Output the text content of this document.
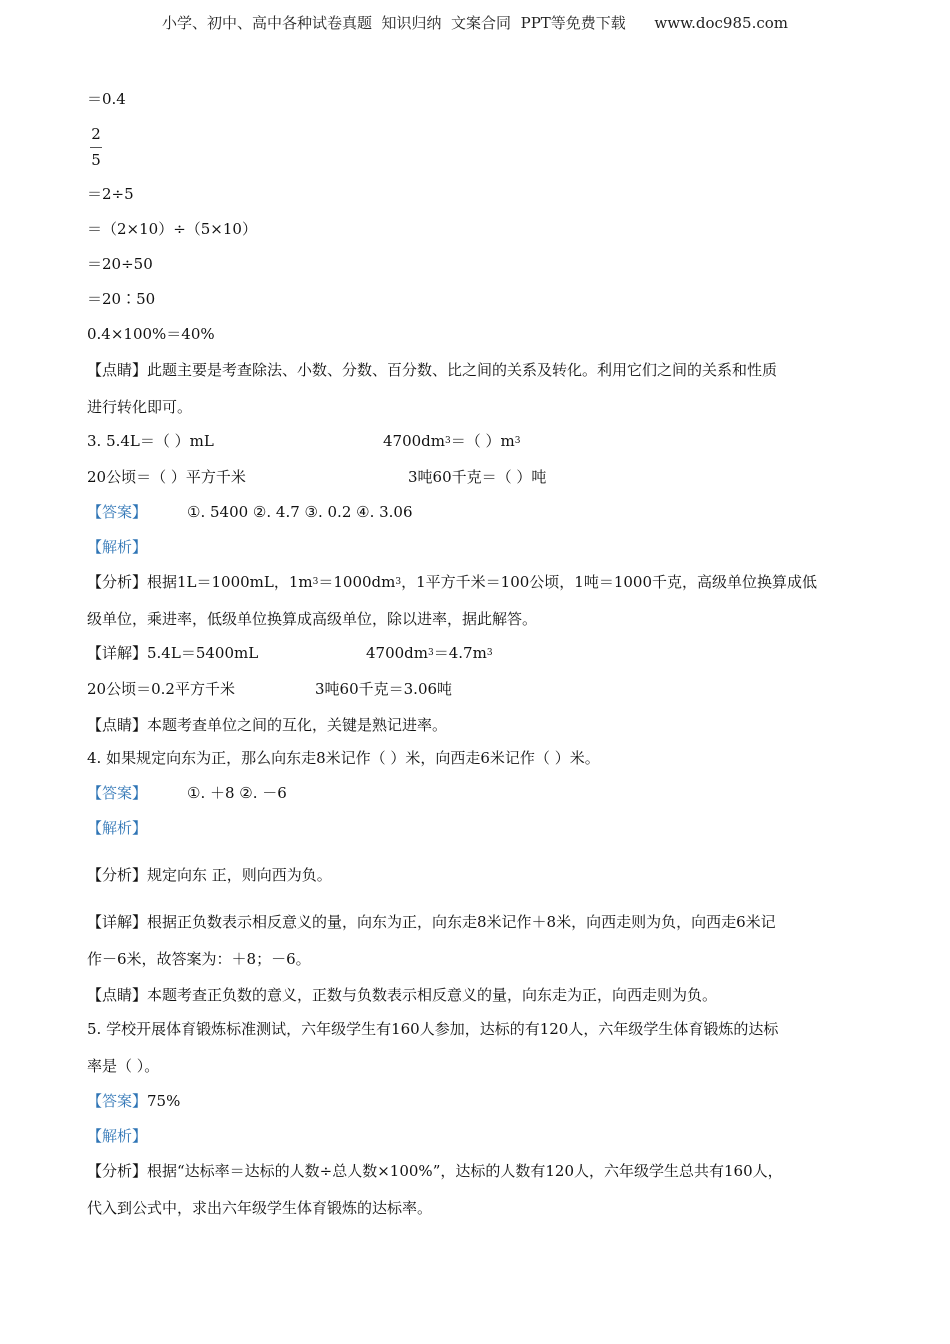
小学、初中、高中各种试卷真题  知识归纳  文案合同  PPT等免费下载      www.doc985.com
＝0.4
2
5
＝2÷5
＝（2×10）÷（5×10）
＝20÷50
＝20∶50
0.4×100%＝40%
【点睛】此题主要是考查除法、小数、分数、百分数、比之间的关系及转化。利用它们之间的关系和性质
进行转化即可。
3. 5.4L＝（ ）mL	$4700dm^3=$（ ）$m^3$
20公顷＝（ ）平方千米	3吨60千克＝（ ）吨
【答案】	①. 5400 ②. 4.7 ③. 0.2 ④. 3.06
【解析】
【分析】根据1L＝1000mL，$1m^3=1000dm^3$，1平方千米＝100公顷，1吨＝1000千克，高级单位换算成低
级单位，乘进率，低级单位换算成高级单位，除以进率，据此解答。
【详解】5.4L＝5400mL	$4700dm^3=4.7m^3$
20公顷＝0.2平方千米	3吨60千克＝3.06吨
【点睛】本题考查单位之间的互化，关键是熟记进率。
4. 如果规定向东为正，那么向东走8米记作（ ）米，向西走6米记作（ ）米。
【答案】	①. ＋8 ②. －6
【解析】
【分析】规定向东 正，则向西为负。
【详解】根据正负数表示相反意义的量，向东为正，向东走8米记作＋8米，向西走则为负，向西走6米记
作－6米，故答案为：＋8；－6。
【点睛】本题考查正负数的意义，正数与负数表示相反意义的量，向东走为正，向西走则为负。
5. 学校开展体育锻炼标准测试，六年级学生有160人参加，达标的有120人，六年级学生体育锻炼的达标
率是（ ）。
【答案】75%
【解析】
【分析】根据“达标率＝达标的人数÷总人数×100%”，达标的人数有120人，六年级学生总共有160人，
代入到公式中，求出六年级学生体育锻炼的达标率。
